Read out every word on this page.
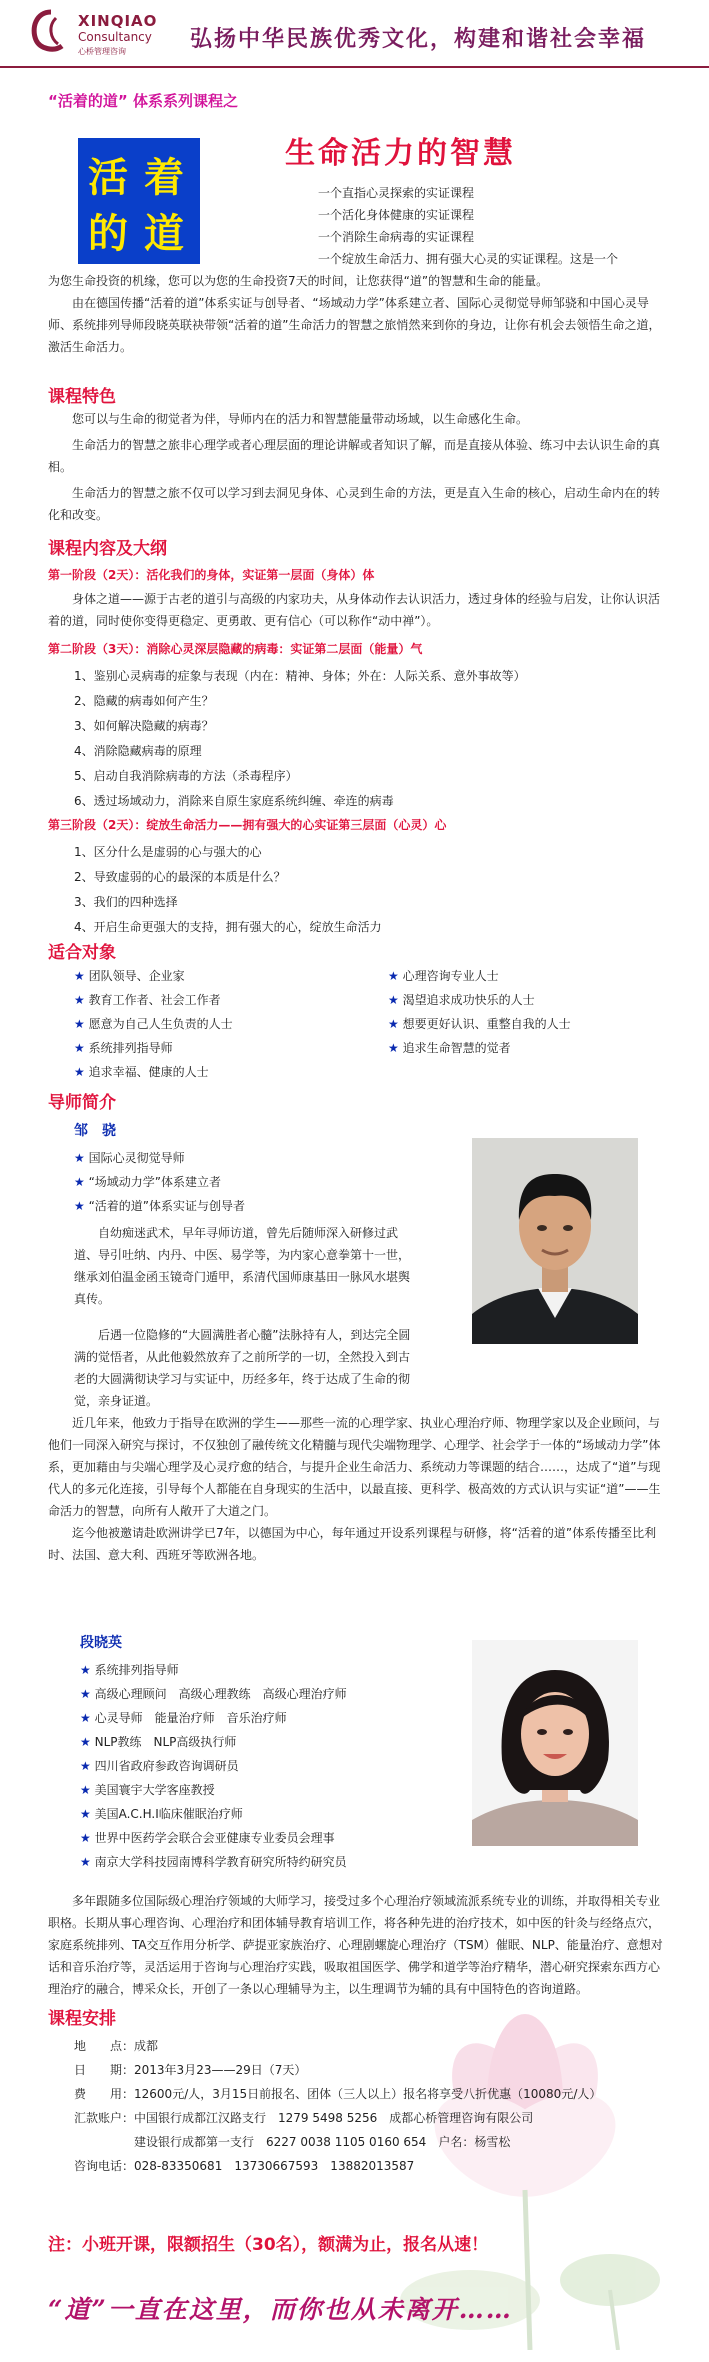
XINQIAO
Consultancy
心桥管理咨询	弘扬中华民族优秀文化，构建和谐社会幸福
“活着的道” 体系系列课程之
活 着
的 道
生命活力的智慧
一个直指心灵探索的实证课程
一个活化身体健康的实证课程
一个消除生命病毒的实证课程
一个绽放生命活力、拥有强大心灵的实证课程。这是一个
为您生命投资的机缘，您可以为您的生命投资7天的时间，让您获得“道”的智慧和生命的能量。
由在德国传播“活着的道”体系实证与创导者、“场域动力学”体系建立者、国际心灵彻觉导师邹骁和中国心灵导师、系统排列导师段晓英联袂带领“活着的道”生命活力的智慧之旅悄然来到你的身边，让你有机会去领悟生命之道，激活生命活力。
课程特色
您可以与生命的彻觉者为伴，导师内在的活力和智慧能量带动场域，以生命感化生命。
生命活力的智慧之旅非心理学或者心理层面的理论讲解或者知识了解，而是直接从体验、练习中去认识生命的真相。
生命活力的智慧之旅不仅可以学习到去洞见身体、心灵到生命的方法，更是直入生命的核心，启动生命内在的转化和改变。
课程内容及大纲
第一阶段（2天）：活化我们的身体，实证第一层面（身体）体
身体之道——源于古老的道引与高级的内家功夫，从身体动作去认识活力，透过身体的经验与启发，让你认识活着的道，同时使你变得更稳定、更勇敢、更有信心（可以称作“动中禅”）。
第二阶段（3天）：消除心灵深层隐藏的病毒：实证第二层面（能量）气
1、鉴别心灵病毒的症象与表现（内在：精神、身体；外在：人际关系、意外事故等）
2、隐藏的病毒如何产生？
3、如何解决隐藏的病毒？
4、消除隐藏病毒的原理
5、启动自我消除病毒的方法（杀毒程序）
6、透过场域动力，消除来自原生家庭系统纠缠、牵连的病毒
第三阶段（2天）：绽放生命活力——拥有强大的心实证第三层面（心灵）心
1、区分什么是虚弱的心与强大的心
2、导致虚弱的心的最深的本质是什么？
3、我们的四种选择
4、开启生命更强大的支持，拥有强大的心，绽放生命活力
适合对象
★ 团队领导、企业家
★ 教育工作者、社会工作者
★ 愿意为自己人生负责的人士
★ 系统排列指导师
★ 追求幸福、健康的人士
★ 心理咨询专业人士
★ 渴望追求成功快乐的人士
★ 想要更好认识、重整自我的人士
★ 追求生命智慧的觉者
导师简介
邹　骁
★ 国际心灵彻觉导师
★ “场域动力学”体系建立者
★ “活着的道”体系实证与创导者
自幼痴迷武术，早年寻师访道，曾先后随师深入研修过武道、导引吐纳、内丹、中医、易学等，为内家心意拳第十一世，继承刘伯温金函玉镜奇门遁甲，系清代国师康基田一脉风水堪舆真传。
后遇一位隐修的“大圆满胜者心髓”法脉持有人，到达完全圆满的觉悟者，从此他毅然放弃了之前所学的一切，全然投入到古老的大圆满彻诀学习与实证中，历经多年，终于达成了生命的彻觉，亲身证道。
近几年来，他致力于指导在欧洲的学生——那些一流的心理学家、执业心理治疗师、物理学家以及企业顾问，与他们一同深入研究与探讨，不仅独创了融传统文化精髓与现代尖端物理学、心理学、社会学于一体的“场域动力学”体系，更加藉由与尖端心理学及心灵疗愈的结合，与提升企业生命活力、系统动力等课题的结合……，达成了“道”与现代人的多元化连接，引导每个人都能在自身现实的生活中，以最直接、更科学、极高效的方式认识与实证“道”——生命活力的智慧，向所有人敞开了大道之门。
迄今他被邀请赴欧洲讲学已7年，以德国为中心，每年通过开设系列课程与研修，将“活着的道”体系传播至比利时、法国、意大利、西班牙等欧洲各地。
段晓英
★ 系统排列指导师
★ 高级心理顾问　高级心理教练　高级心理治疗师
★ 心灵导师　能量治疗师　音乐治疗师
★ NLP教练　NLP高级执行师
★ 四川省政府参政咨询调研员
★ 美国寰宇大学客座教授
★ 美国A.C.H.I临床催眠治疗师
★ 世界中医药学会联合会亚健康专业委员会理事
★ 南京大学科技园南博科学教育研究所特约研究员
多年跟随多位国际级心理治疗领域的大师学习，接受过多个心理治疗领域流派系统专业的训练，并取得相关专业职格。长期从事心理咨询、心理治疗和团体辅导教育培训工作，将各种先进的治疗技术，如中医的针灸与经络点穴，家庭系统排列、TA交互作用分析学、萨提亚家族治疗、心理剧螺旋心理治疗（TSM）催眠、NLP、能量治疗、意想对话和音乐治疗等，灵活运用于咨询与心理治疗实践，吸取祖国医学、佛学和道学等治疗精华，潜心研究探索东西方心理治疗的融合，博采众长，开创了一条以心理辅导为主，以生理调节为辅的具有中国特色的咨询道路。
课程安排
地　　点：成都
日　　期：2013年3月23——29日（7天）
费　　用：12600元/人，3月15日前报名、团体（三人以上）报名将享受八折优惠（10080元/人）
汇款账户：中国银行成都江汉路支行　1279 5498 5256　成都心桥管理咨询有限公司
建设银行成都第一支行　6227 0038 1105 0160 654　户名：杨雪松
咨询电话：028-83350681　13730667593　13882013587
注：小班开课，限额招生（30名），额满为止，报名从速！
“道”一直在这里，而你也从未离开……
